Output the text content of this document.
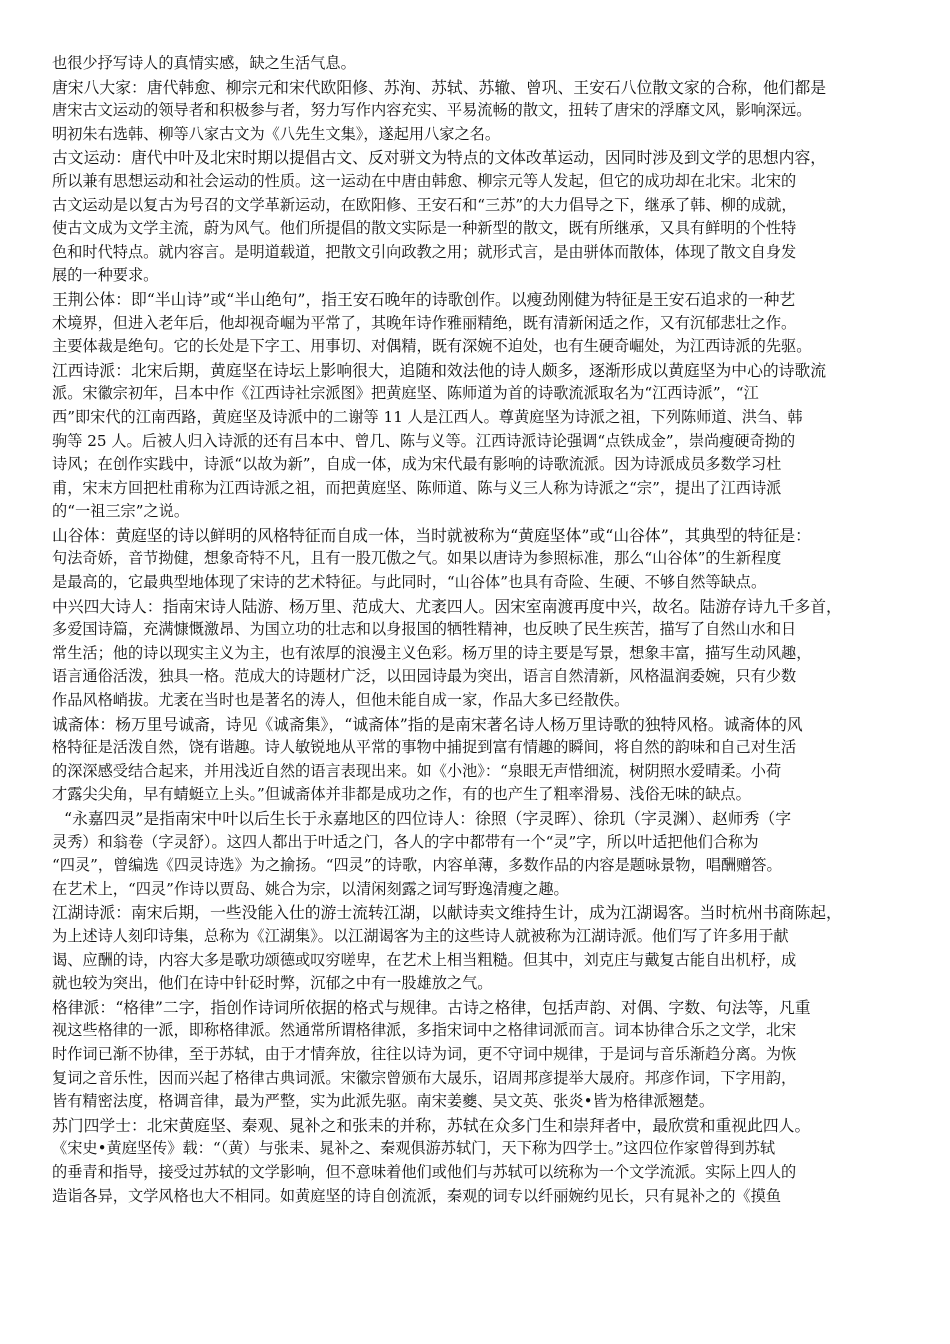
也很少抒写诗人的真情实感，缺之生活气息。
唐宋八大家：唐代韩愈、柳宗元和宋代欧阳修、苏洵、苏轼、苏辙、曾巩、王安石八位散文家的合称，他们都是
唐宋古文运动的领导者和积极参与者，努力写作内容充实、平易流畅的散文，扭转了唐宋的浮靡文风，影响深远。
明初朱右选韩、柳等八家古文为《八先生文集》，遂起用八家之名。
古文运动：唐代中叶及北宋时期以提倡古文、反对骈文为特点的文体改革运动，因同时涉及到文学的思想内容，
所以兼有思想运动和社会运动的性质。这一运动在中唐由韩愈、柳宗元等人发起，但它的成功却在北宋。北宋的
古文运动是以复古为号召的文学革新运动，在欧阳修、王安石和“三苏”的大力倡导之下，继承了韩、柳的成就，
使古文成为文学主流，蔚为风气。他们所提倡的散文实际是一种新型的散文，既有所继承，又具有鲜明的个性特
色和时代特点。就内容言。是明道载道，把散文引向政教之用；就形式言，是由骈体而散体，体现了散文自身发
展的一种要求。
王荆公体：即“半山诗”或“半山绝句”，指王安石晚年的诗歌创作。以瘦劲刚健为特征是王安石追求的一种艺
术境界，但进入老年后，他却视奇崛为平常了，其晚年诗作雅丽精绝，既有清新闲适之作，又有沉郁悲壮之作。
主要体裁是绝句。它的长处是下字工、用事切、对偶精，既有深婉不迫处，也有生硬奇崛处，为江西诗派的先驱。
江西诗派：北宋后期，黄庭坚在诗坛上影响很大，追随和效法他的诗人颇多，逐渐形成以黄庭坚为中心的诗歌流
派。宋徽宗初年，吕本中作《江西诗社宗派图》把黄庭坚、陈师道为首的诗歌流派取名为“江西诗派”，“江
西”即宋代的江南西路，黄庭坚及诗派中的二谢等 11 人是江西人。尊黄庭坚为诗派之祖，下列陈师道、洪刍、韩
驹等 25 人。后被人归入诗派的还有吕本中、曾几、陈与义等。江西诗派诗论强调“点铁成金”，崇尚瘦硬奇拗的
诗风；在创作实践中，诗派“以故为新”，自成一体，成为宋代最有影响的诗歌流派。因为诗派成员多数学习杜
甫，宋末方回把杜甫称为江西诗派之祖，而把黄庭坚、陈师道、陈与义三人称为诗派之“宗”，提出了江西诗派
的“一祖三宗”之说。
山谷体：黄庭坚的诗以鲜明的风格特征而自成一体，当时就被称为“黄庭坚体”或“山谷体”，其典型的特征是：
句法奇娇，音节拗健，想象奇特不凡，且有一股兀傲之气。如果以唐诗为参照标准，那么“山谷体”的生新程度
是最高的，它最典型地体现了宋诗的艺术特征。与此同时，“山谷体”也具有奇险、生硬、不够自然等缺点。
中兴四大诗人：指南宋诗人陆游、杨万里、范成大、尤袤四人。因宋室南渡再度中兴，故名。陆游存诗九千多首，
多爱国诗篇，充满慷慨激昂、为国立功的壮志和以身报国的牺牲精神，也反映了民生疾苦，描写了自然山水和日
常生活；他的诗以现实主义为主，也有浓厚的浪漫主义色彩。杨万里的诗主要是写景，想象丰富，描写生动风趣，
语言通俗活泼，独具一格。范成大的诗题材广泛，以田园诗最为突出，语言自然清新，风格温润委婉，只有少数
作品风格峭拔。尤袤在当时也是著名的涛人，但他未能自成一家，作品大多已经散佚。
诚斋体：杨万里号诚斋，诗见《诚斋集》，“诚斋体”指的是南宋著名诗人杨万里诗歌的独特风格。诚斋体的风
格特征是活泼自然，饶有谐趣。诗人敏锐地从平常的事物中捕捉到富有情趣的瞬间，将自然的韵味和自己对生活
的深深感受结合起来，并用浅近自然的语言表现出来。如《小池》：“泉眼无声惜细流，树阴照水爱晴柔。小荷
才露尖尖角，早有蜻蜓立上头。”但诚斋体并非都是成功之作，有的也产生了粗率滑易、浅俗无味的缺点。
“永嘉四灵”是指南宋中叶以后生长于永嘉地区的四位诗人：徐照（字灵晖）、徐玑（字灵渊）、赵师秀（字
灵秀）和翁卷（字灵舒）。这四人都出于叶适之门，各人的字中都带有一个“灵”字，所以叶适把他们合称为
“四灵”，曾编选《四灵诗选》为之揄扬。“四灵”的诗歌，内容单薄，多数作品的内容是题咏景物，唱酬赠答。
在艺术上，“四灵”作诗以贾岛、姚合为宗，以清闲刻露之词写野逸清瘦之趣。
江湖诗派：南宋后期，一些没能入仕的游士流转江湖，以献诗卖文维持生计，成为江湖谒客。当时杭州书商陈起，
为上述诗人刻印诗集，总称为《江湖集》。以江湖谒客为主的这些诗人就被称为江湖诗派。他们写了许多用于献
谒、应酬的诗，内容大多是歌功颂德或叹穷嗟卑，在艺术上相当粗糙。但其中，刘克庄与戴复古能自出机杼，成
就也较为突出，他们在诗中针砭时弊，沉郁之中有一股雄放之气。
格律派：“格律”二字，指创作诗词所依据的格式与规律。古诗之格律，包括声韵、对偶、字数、句法等，凡重
视这些格律的一派，即称格律派。然通常所谓格律派，多指宋词中之格律词派而言。词本协律合乐之文学，北宋
时作词已渐不协律，至于苏轼，由于才情奔放，往往以诗为词，更不守词中规律，于是词与音乐渐趋分离。为恢
复词之音乐性，因而兴起了格律古典词派。宋徽宗曾颁布大晟乐，诏周邦彦提举大晟府。邦彦作词，下字用韵，
皆有精密法度，格调音律，最为严整，实为此派先驱。南宋姜夔、吴文英、张炎•皆为格律派翘楚。
苏门四学士：北宋黄庭坚、秦观、晁补之和张耒的并称，苏轼在众多门生和崇拜者中，最欣赏和重视此四人。
《宋史•黄庭坚传》载：“（黄）与张耒、晁补之、秦观俱游苏轼门，天下称为四学士。”这四位作家曾得到苏轼
的垂青和指导，接受过苏轼的文学影响，但不意味着他们或他们与苏轼可以统称为一个文学流派。实际上四人的
造诣各异，文学风格也大不相同。如黄庭坚的诗自创流派，秦观的词专以纤丽婉约见长，只有晁补之的《摸鱼
